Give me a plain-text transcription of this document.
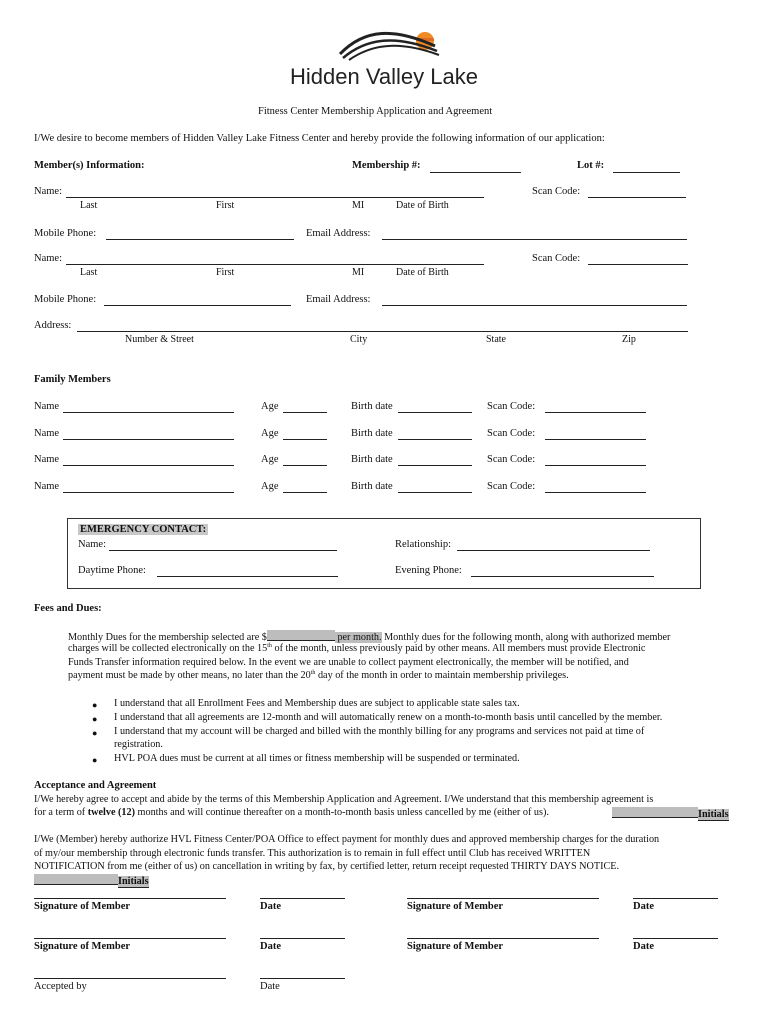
Hidden Valley Lake
Fitness Center Membership Application and Agreement
I/We desire to become members of Hidden Valley Lake Fitness Center and hereby provide the following information of our application:
Member(s) Information:	Membership #:	Lot #:
Name:	Scan Code:
Last	First	MI	Date of Birth
Mobile Phone:	Email Address:
Name:	Scan Code:
Last	First	MI	Date of Birth
Mobile Phone:	Email Address:
Address:
Number & Street	City	State	Zip
Family Members
Name	Age	Birth date	Scan Code:
Name	Age	Birth date	Scan Code:
Name	Age	Birth date	Scan Code:
Name	Age	Birth date	Scan Code:
EMERGENCY CONTACT:
Name:	Relationship:
Daytime Phone:	Evening Phone:
Fees and Dues:
Monthly Dues for the membership selected are $	per month. Monthly dues for the following month, along with authorized member
charges will be collected electronically on the 15th of the month, unless previously paid by other means. All members must provide Electronic
Funds Transfer information required below. In the event we are unable to collect payment electronically, the member will be notified, and
payment must be made by other means, no later than the 20th day of the month in order to maintain membership privileges.
● I understand that all Enrollment Fees and Membership dues are subject to applicable state sales tax.
● I understand that all agreements are 12-month and will automatically renew on a month-to-month basis until cancelled by the member.
● I understand that my account will be charged and billed with the monthly billing for any programs and services not paid at time of
registration.
● HVL POA dues must be current at all times or fitness membership will be suspended or terminated.
Acceptance and Agreement
I/We hereby agree to accept and abide by the terms of this Membership Application and Agreement. I/We understand that this membership agreement is
for a term of twelve (12) months and will continue thereafter on a month-to-month basis unless cancelled by me (either of us).	Initials
I/We (Member) hereby authorize HVL Fitness Center/POA Office to effect payment for monthly dues and approved membership charges for the duration
of my/our membership through electronic funds transfer. This authorization is to remain in full effect until Club has received WRITTEN
NOTIFICATION from me (either of us) on cancellation in writing by fax, by certified letter, return receipt requested THIRTY DAYS NOTICE.
Initials
Signature of Member	Date	Signature of Member	Date
Signature of Member	Date	Signature of Member	Date
Accepted by	Date
